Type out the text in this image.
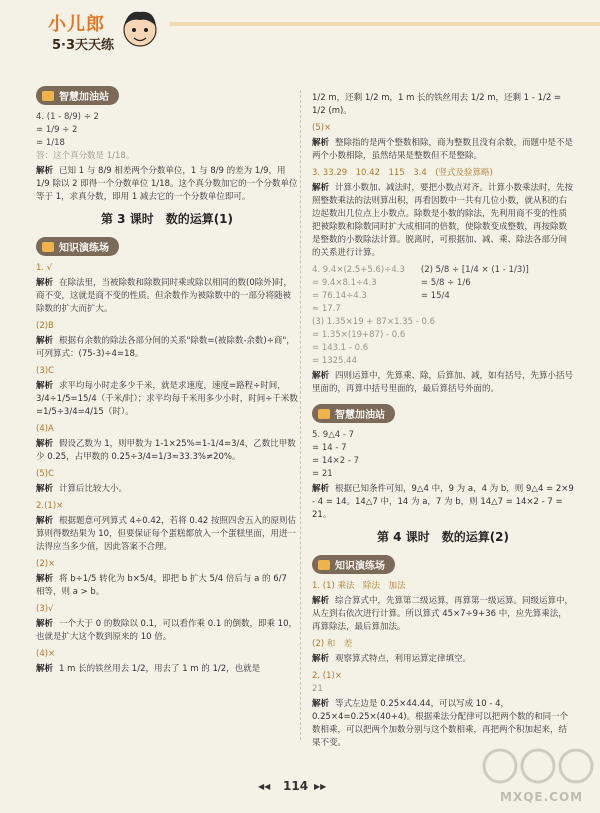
小儿郎
5·3天天练
智慧加油站
4. (1 - 8/9) ÷ 2
= 1/9 ÷ 2
= 1/18
答：这个真分数是 1/18。
解析 已知 1 与 8/9 相差两个分数单位，1 与 8/9 的差为 1/9，用 1/9 除以 2 即得一个分数单位 1/18。这个真分数加它的一个分数单位等于 1，求真分数，即用 1 减去它的一个分数单位即可。
第 3 课时　数的运算(1)
知识演练场
1. √
解析 在除法里，当被除数和除数同时乘或除以相同的数(0除外)时，商不变，这就是商不变的性质。但余数作为被除数中的一部分将随被除数的扩大而扩大。
(2)B
解析 根据有余数的除法各部分间的关系"除数=(被除数-余数)÷商"，可列算式：(75-3)÷4=18。
(3)C
解析 求平均每小时走多少千米，就是求速度，速度=路程÷时间，3/4÷1/5=15/4（千米/时）；求平均每千米用多少小时，时间÷千米数=1/5÷3/4=4/15（时）。
(4)A
解析 假设乙数为 1，则甲数为 1-1×25%=1-1/4=3/4，乙数比甲数少 0.25，占甲数的 0.25÷3/4=1/3≈33.3%≠20%。
(5)C
解析 计算后比较大小。
2.(1)×
解析 根据题意可列算式 4÷0.42，若将 0.42 按照四舍五入的原则估算则得数结果为 10，但要保证每个蛋糕都放入一个蛋糕里面，用进一法得应当多少值，因此答案不合理。
(2)×
解析 将 b÷1/5 转化为 b×5/4，即把 b 扩大 5/4 倍后与 a 的 6/7 相等，则 a > b。
(3)√
解析 一个大于 0 的数除以 0.1，可以看作乘 0.1 的倒数，即乘 10，也就是扩大这个数到原来的 10 倍。
(4)×
解析 1 m 长的铁丝用去 1/2，用去了 1 m 的 1/2，也就是
1/2 m，还剩 1/2 m，1 m 长的铁丝用去 1/2 m，还剩 1 - 1/2 = 1/2 (m)。
(5)×
解析 整除指的是两个整数相除，商为整数且没有余数，而题中是不是两个小数相除，虽然结果是整数但不是整除。
3. 33.29　10.42　115　3.4　(竖式及验算略)
解析 计算小数加、减法时，要把小数点对齐。计算小数乘法时，先按照整数乘法的法则算出积，再看因数中一共有几位小数，就从积的右边起数出几位点上小数点。除数是小数的除法，先利用商不变的性质把被除数和除数同时扩大成相同的倍数，使除数变成整数，再按除数是整数的小数除法计算。脱离时，可根据加、减、乘、除法各部分间的关系进行计算。
4. 9.4×(2.5+5.6)÷4.3
= 9.4×8.1÷4.3
= 76.14÷4.3
≈ 17.7
(2) 5/8 ÷ [1/4 × (1 - 1/3)]
= 5/8 ÷ 1/6
= 15/4
(3) 1.35×19 + 87×1.35 - 0.6
= 1.35×(19+87) - 0.6
= 143.1 - 0.6
= 1325.44
解析 四则运算中，先算乘、除，后算加、减，如有括号，先算小括号里面的，再算中括号里面的，最后算括号外面的。
智慧加油站
5. 9△4 - 7
= 14 - 7
= 14×2 - 7
= 21
解析 根据已知条件可知，9△4 中，9 为 a，4 为 b，则 9△4 = 2×9 - 4 = 14。14△7 中，14 为 a，7 为 b，则 14△7 = 14×2 - 7 = 21。
第 4 课时　数的运算(2)
知识演练场
1. (1) 乘法　除法　加法
解析 综合算式中，先算第二级运算，再算第一级运算。同级运算中，从左到右依次进行计算。所以算式 45×7÷9+36 中，应先算乘法，再算除法，最后算加法。
(2) 和　差
解析 观察算式特点，利用运算定律填空。
2. (1)×
21
解析 等式左边是 0.25×44.44，可以写成 10 - 4，0.25×4=0.25×(40+4)。根据乘法分配律可以把两个数的和同一个数相乘，可以把两个加数分别与这个数相乘，再把两个积加起来，结果不变。
◀◀ 114 ▶▶
MXQE.COM
